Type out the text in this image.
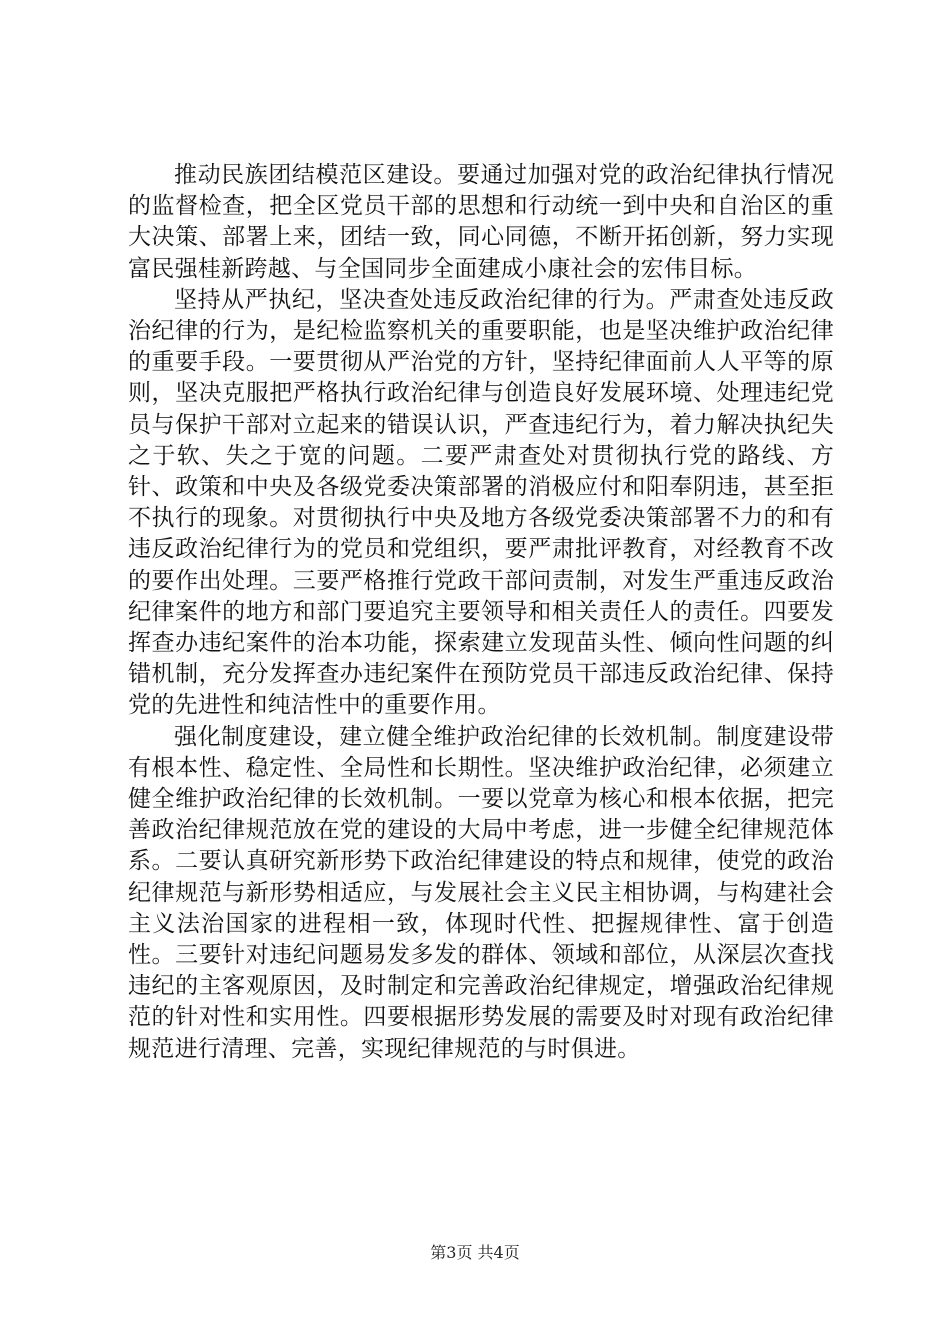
推动民族团结模范区建设。要通过加强对党的政治纪律执行情况的监督检查，把全区党员干部的思想和行动统一到中央和自治区的重大决策、部署上来，团结一致，同心同德，不断开拓创新，努力实现富民强桂新跨越、与全国同步全面建成小康社会的宏伟目标。

坚持从严执纪，坚决查处违反政治纪律的行为。严肃查处违反政治纪律的行为，是纪检监察机关的重要职能，也是坚决维护政治纪律的重要手段。一要贯彻从严治党的方针，坚持纪律面前人人平等的原则，坚决克服把严格执行政治纪律与创造良好发展环境、处理违纪党员与保护干部对立起来的错误认识，严查违纪行为，着力解决执纪失之于软、失之于宽的问题。二要严肃查处对贯彻执行党的路线、方针、政策和中央及各级党委决策部署的消极应付和阳奉阴违，甚至拒不执行的现象。对贯彻执行中央及地方各级党委决策部署不力的和有违反政治纪律行为的党员和党组织，要严肃批评教育，对经教育不改的要作出处理。三要严格推行党政干部问责制，对发生严重违反政治纪律案件的地方和部门要追究主要领导和相关责任人的责任。四要发挥查办违纪案件的治本功能，探索建立发现苗头性、倾向性问题的纠错机制，充分发挥查办违纪案件在预防党员干部违反政治纪律、保持党的先进性和纯洁性中的重要作用。

强化制度建设，建立健全维护政治纪律的长效机制。制度建设带有根本性、稳定性、全局性和长期性。坚决维护政治纪律，必须建立健全维护政治纪律的长效机制。一要以党章为核心和根本依据，把完善政治纪律规范放在党的建设的大局中考虑，进一步健全纪律规范体系。二要认真研究新形势下政治纪律建设的特点和规律，使党的政治纪律规范与新形势相适应，与发展社会主义民主相协调，与构建社会主义法治国家的进程相一致，体现时代性、把握规律性、富于创造性。三要针对违纪问题易发多发的群体、领域和部位，从深层次查找违纪的主客观原因，及时制定和完善政治纪律规定，增强政治纪律规范的针对性和实用性。四要根据形势发展的需要及时对现有政治纪律规范进行清理、完善，实现纪律规范的与时俱进。

第3页 共4页
